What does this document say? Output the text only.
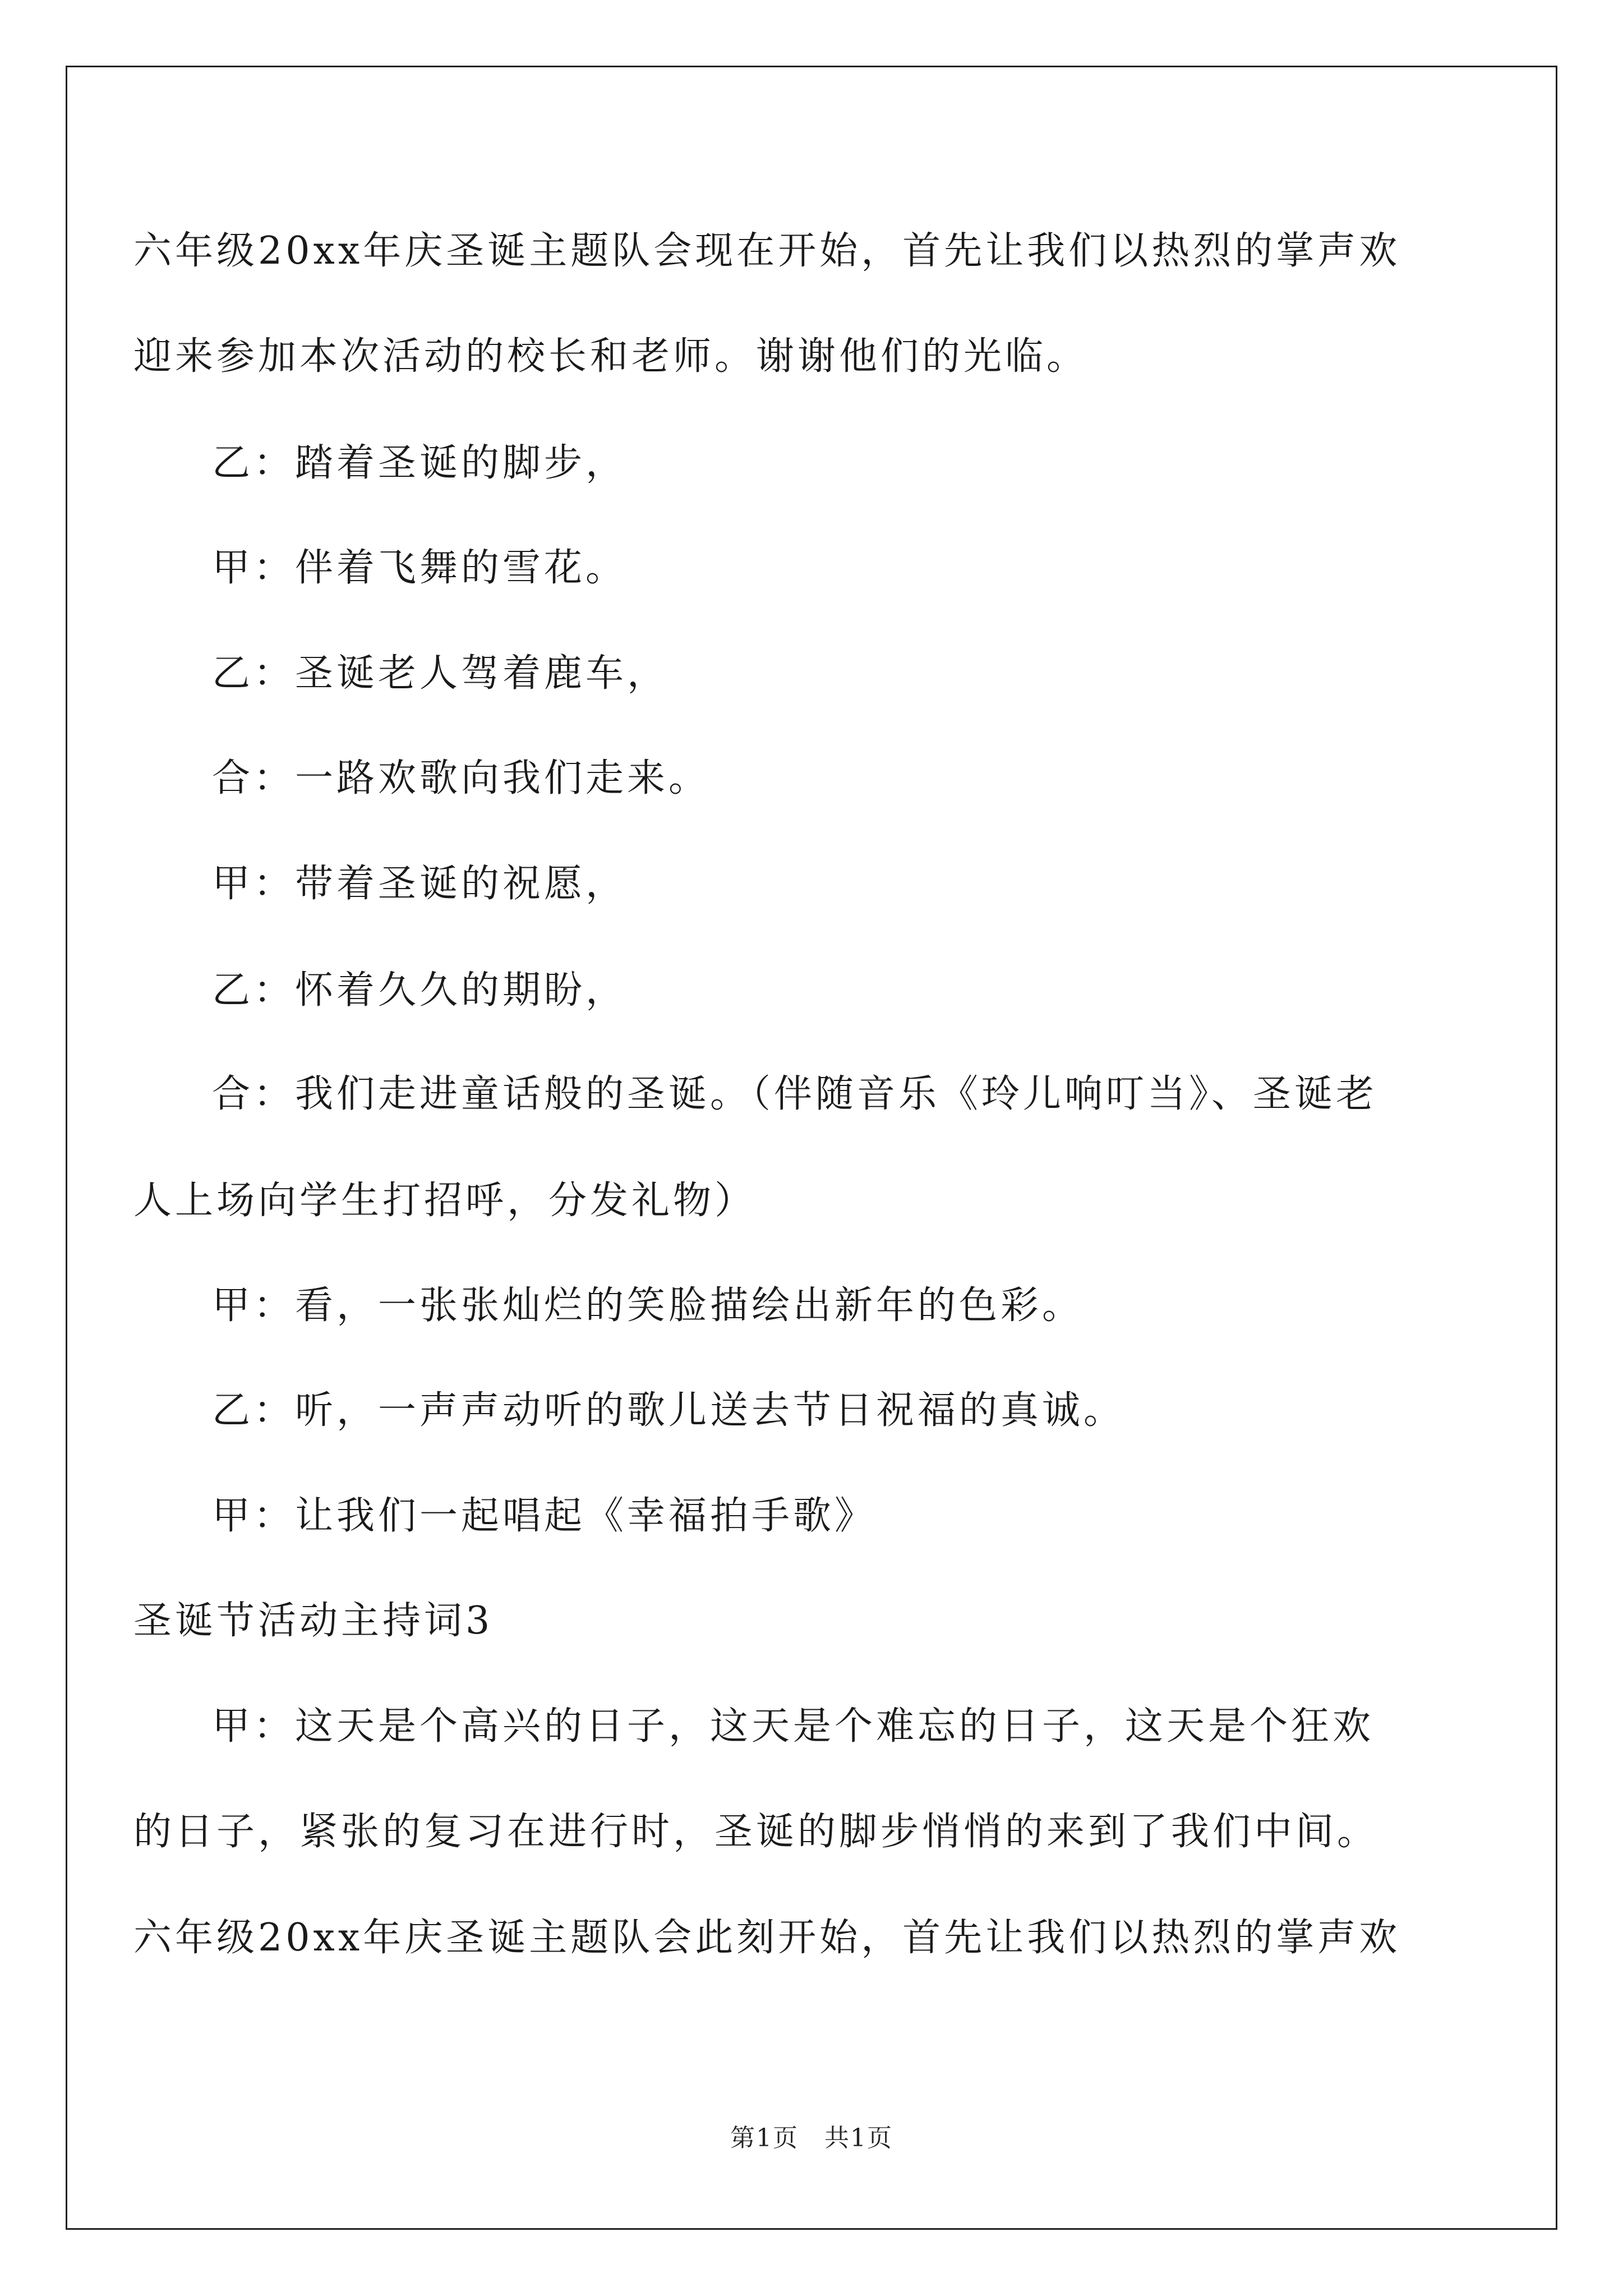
六年级20xx年庆圣诞主题队会现在开始，首先让我们以热烈的掌声欢
迎来参加本次活动的校长和老师。谢谢他们的光临。
乙：踏着圣诞的脚步，
甲：伴着飞舞的雪花。
乙：圣诞老人驾着鹿车，
合：一路欢歌向我们走来。
甲：带着圣诞的祝愿，
乙：怀着久久的期盼，
合：我们走进童话般的圣诞。（伴随音乐《玲儿响叮当》、圣诞老
人上场向学生打招呼，分发礼物）
甲：看，一张张灿烂的笑脸描绘出新年的色彩。
乙：听，一声声动听的歌儿送去节日祝福的真诚。
甲：让我们一起唱起《幸福拍手歌》
圣诞节活动主持词3
甲：这天是个高兴的日子，这天是个难忘的日子，这天是个狂欢
的日子，紧张的复习在进行时，圣诞的脚步悄悄的来到了我们中间。
六年级20xx年庆圣诞主题队会此刻开始，首先让我们以热烈的掌声欢
第1页　共1页
